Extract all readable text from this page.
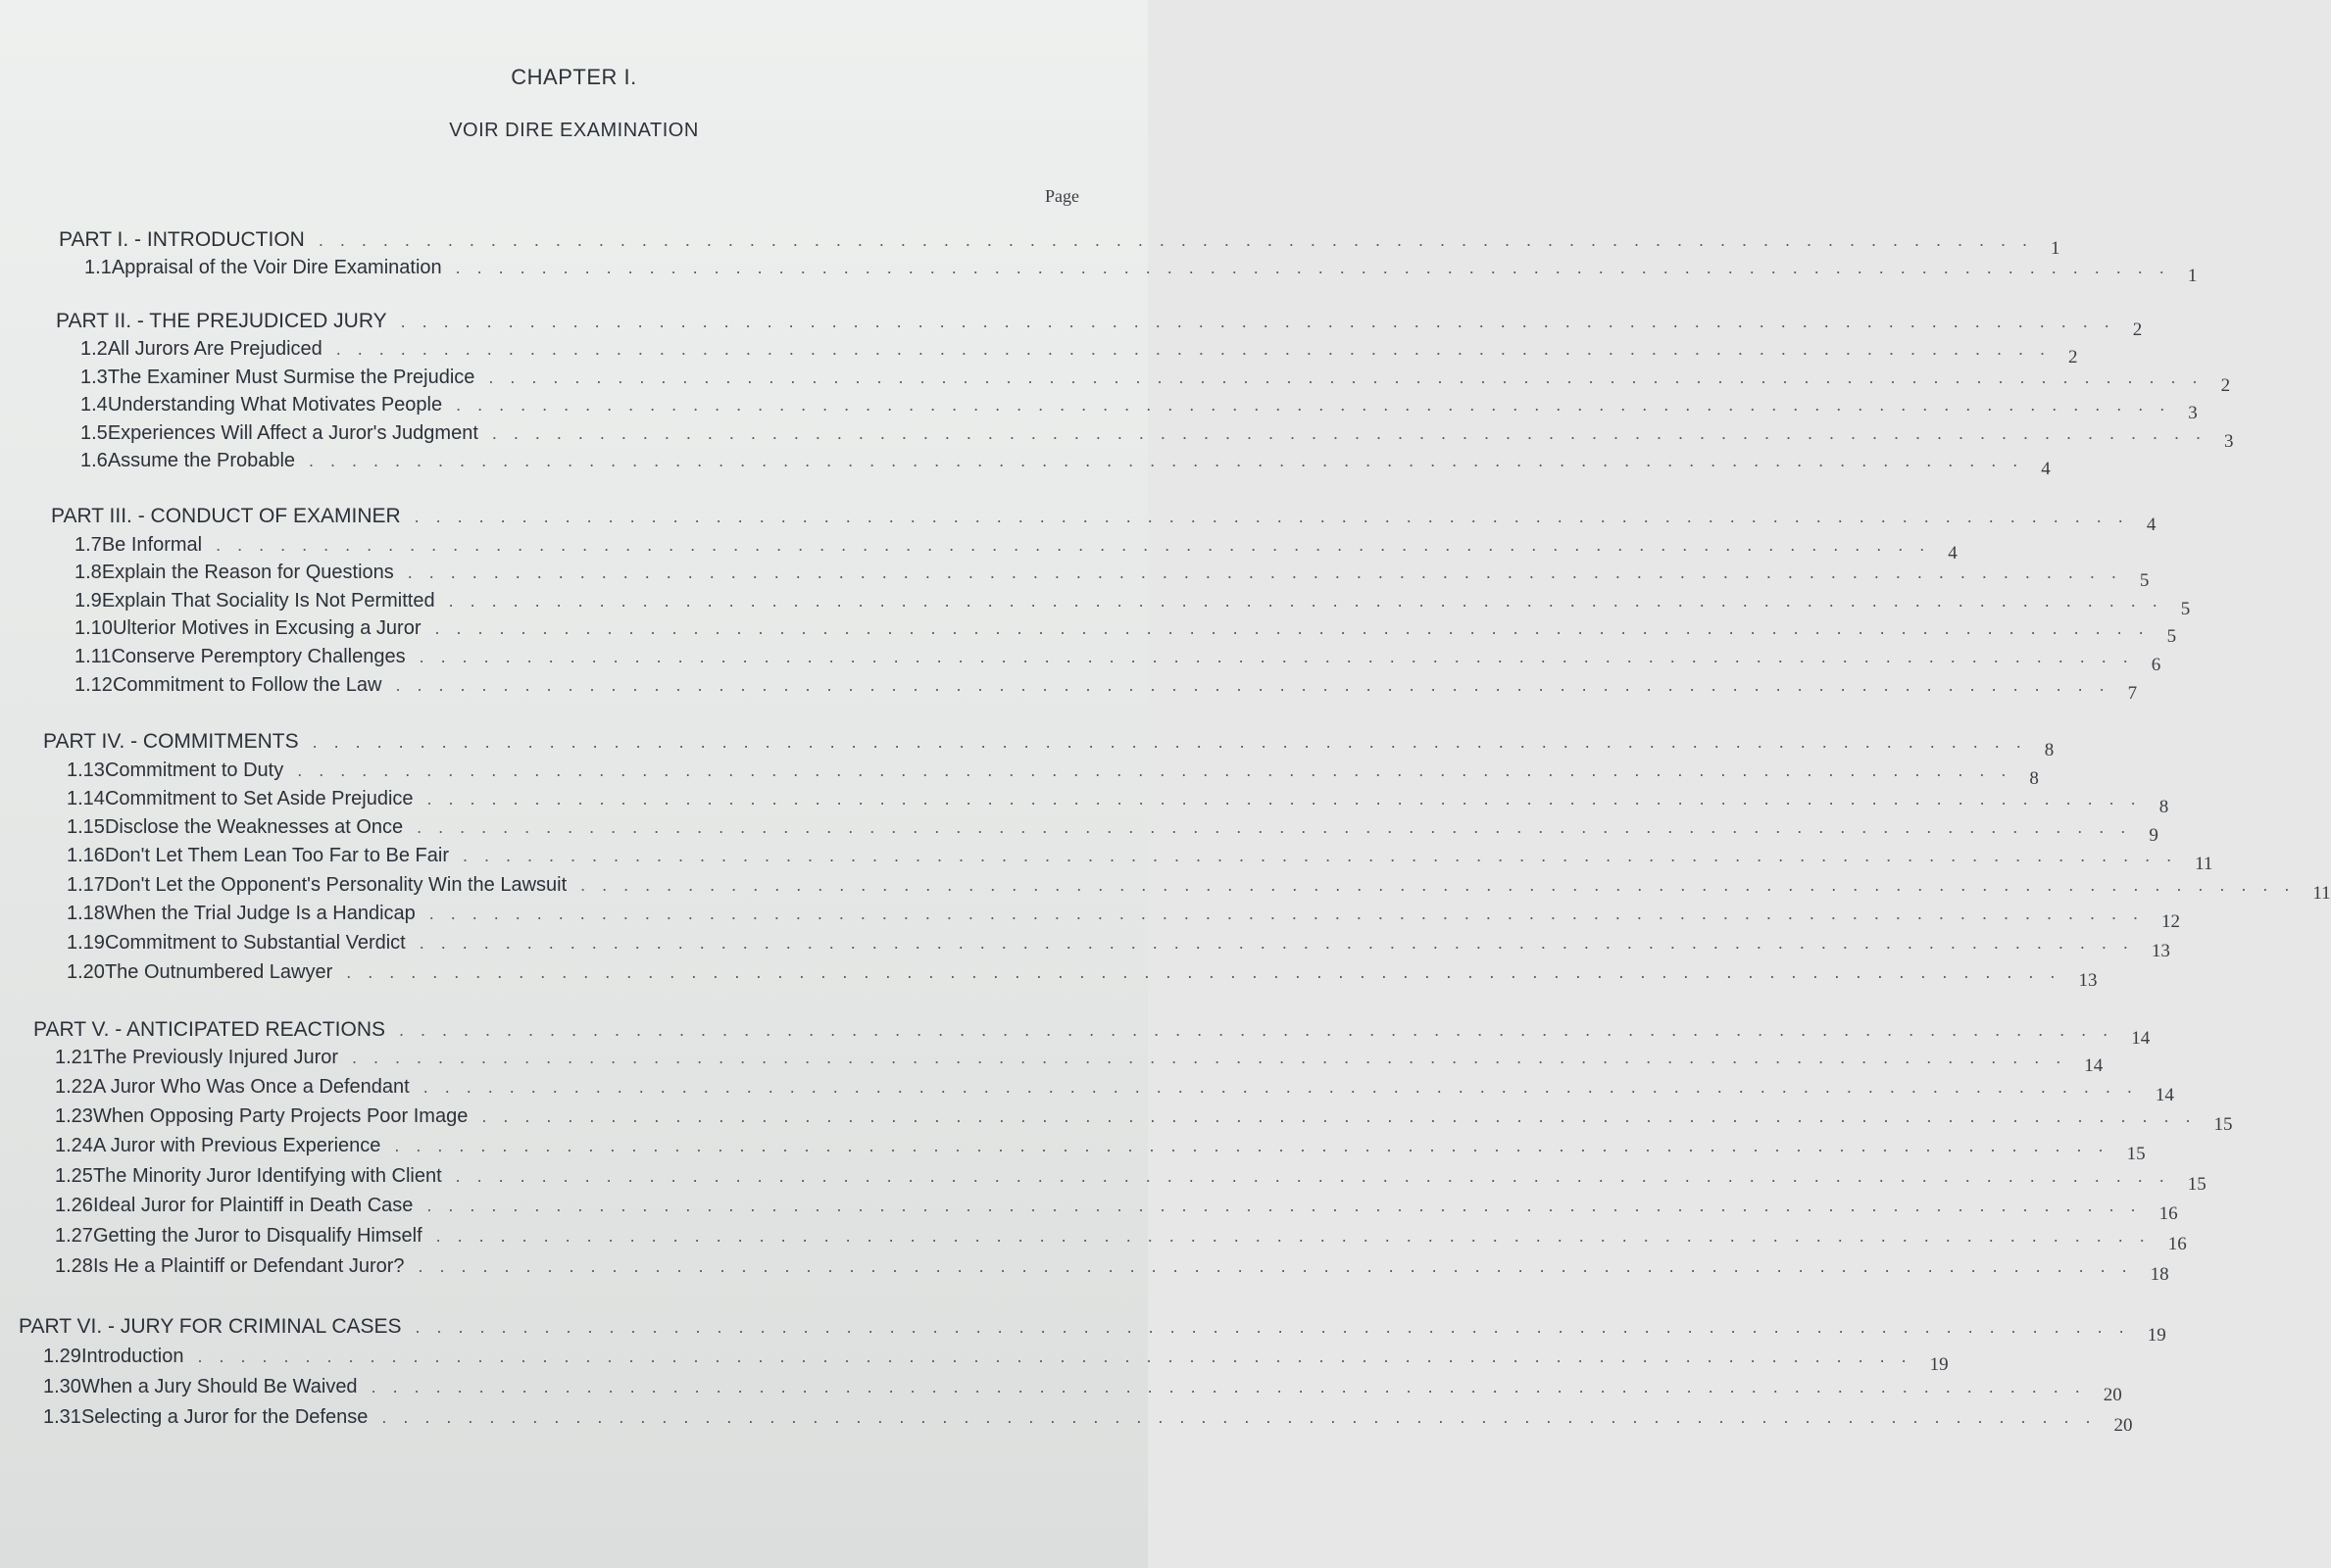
CHAPTER I.
VOIR DIRE EXAMINATION
Page
PART I. - INTRODUCTION . . . . . . . . . . . . . . . . . . . . . . . . . . . . . . . . . . . . . . . . . . . . . . . . . . . . . . . . . . . . . . . . . . . . . . . . . . . . . . . . 1
1.1 Appraisal of the Voir Dire Examination . . . . . . . . . . . . . . . . . . . . . . . . . . . . . . . . . . . . . . . . . . . . . . . . . . . . . . . . . . . . . . . . . . . . . . . . . . . . . . . . 1
PART II. - THE PREJUDICED JURY . . . . . . . . . . . . . . . . . . . . . . . . . . . . . . . . . . . . . . . . . . . . . . . . . . . . . . . . . . . . . . . . . . . . . . . . . . . . . . . . 2
1.2 All Jurors Are Prejudiced . . . . . . . . . . . . . . . . . . . . . . . . . . . . . . . . . . . . . . . . . . . . . . . . . . . . . . . . . . . . . . . . . . . . . . . . . . . . . . . . 2
1.3 The Examiner Must Surmise the Prejudice . . . . . . . . . . . . . . . . . . . . . . . . . . . . . . . . . . . . . . . . . . . . . . . . . . . . . . . . . . . . . . . . . . . . . . . . . . . . . . . . 2
1.4 Understanding What Motivates People . . . . . . . . . . . . . . . . . . . . . . . . . . . . . . . . . . . . . . . . . . . . . . . . . . . . . . . . . . . . . . . . . . . . . . . . . . . . . . . . 3
1.5 Experiences Will Affect a Juror's Judgment . . . . . . . . . . . . . . . . . . . . . . . . . . . . . . . . . . . . . . . . . . . . . . . . . . . . . . . . . . . . . . . . . . . . . . . . . . . . . . . . 3
1.6 Assume the Probable . . . . . . . . . . . . . . . . . . . . . . . . . . . . . . . . . . . . . . . . . . . . . . . . . . . . . . . . . . . . . . . . . . . . . . . . . . . . . . . . 4
PART III. - CONDUCT OF EXAMINER . . . . . . . . . . . . . . . . . . . . . . . . . . . . . . . . . . . . . . . . . . . . . . . . . . . . . . . . . . . . . . . . . . . . . . . . . . . . . . . . 4
1.7 Be Informal . . . . . . . . . . . . . . . . . . . . . . . . . . . . . . . . . . . . . . . . . . . . . . . . . . . . . . . . . . . . . . . . . . . . . . . . . . . . . . . . 4
1.8 Explain the Reason for Questions . . . . . . . . . . . . . . . . . . . . . . . . . . . . . . . . . . . . . . . . . . . . . . . . . . . . . . . . . . . . . . . . . . . . . . . . . . . . . . . . 5
1.9 Explain That Sociality Is Not Permitted . . . . . . . . . . . . . . . . . . . . . . . . . . . . . . . . . . . . . . . . . . . . . . . . . . . . . . . . . . . . . . . . . . . . . . . . . . . . . . . . 5
1.10 Ulterior Motives in Excusing a Juror . . . . . . . . . . . . . . . . . . . . . . . . . . . . . . . . . . . . . . . . . . . . . . . . . . . . . . . . . . . . . . . . . . . . . . . . . . . . . . . . 5
1.11 Conserve Peremptory Challenges . . . . . . . . . . . . . . . . . . . . . . . . . . . . . . . . . . . . . . . . . . . . . . . . . . . . . . . . . . . . . . . . . . . . . . . . . . . . . . . . 6
1.12 Commitment to Follow the Law . . . . . . . . . . . . . . . . . . . . . . . . . . . . . . . . . . . . . . . . . . . . . . . . . . . . . . . . . . . . . . . . . . . . . . . . . . . . . . . . 7
PART IV. - COMMITMENTS . . . . . . . . . . . . . . . . . . . . . . . . . . . . . . . . . . . . . . . . . . . . . . . . . . . . . . . . . . . . . . . . . . . . . . . . . . . . . . . . 8
1.13 Commitment to Duty . . . . . . . . . . . . . . . . . . . . . . . . . . . . . . . . . . . . . . . . . . . . . . . . . . . . . . . . . . . . . . . . . . . . . . . . . . . . . . . . 8
1.14 Commitment to Set Aside Prejudice . . . . . . . . . . . . . . . . . . . . . . . . . . . . . . . . . . . . . . . . . . . . . . . . . . . . . . . . . . . . . . . . . . . . . . . . . . . . . . . . 8
1.15 Disclose the Weaknesses at Once . . . . . . . . . . . . . . . . . . . . . . . . . . . . . . . . . . . . . . . . . . . . . . . . . . . . . . . . . . . . . . . . . . . . . . . . . . . . . . . . 9
1.16 Don't Let Them Lean Too Far to Be Fair . . . . . . . . . . . . . . . . . . . . . . . . . . . . . . . . . . . . . . . . . . . . . . . . . . . . . . . . . . . . . . . . . . . . . . . . . . . . . . . . 11
1.17 Don't Let the Opponent's Personality Win the Lawsuit . . . . . . . . . . . . . . . . . . . . . . . . . . . . . . . . . . . . . . . . . . . . . . . . . . . . . . . . . . . . . . . . . . . . . . . . . . . . . . . . 11
1.18 When the Trial Judge Is a Handicap . . . . . . . . . . . . . . . . . . . . . . . . . . . . . . . . . . . . . . . . . . . . . . . . . . . . . . . . . . . . . . . . . . . . . . . . . . . . . . . . 12
1.19 Commitment to Substantial Verdict . . . . . . . . . . . . . . . . . . . . . . . . . . . . . . . . . . . . . . . . . . . . . . . . . . . . . . . . . . . . . . . . . . . . . . . . . . . . . . . . 13
1.20 The Outnumbered Lawyer . . . . . . . . . . . . . . . . . . . . . . . . . . . . . . . . . . . . . . . . . . . . . . . . . . . . . . . . . . . . . . . . . . . . . . . . . . . . . . . . 13
PART V. - ANTICIPATED REACTIONS . . . . . . . . . . . . . . . . . . . . . . . . . . . . . . . . . . . . . . . . . . . . . . . . . . . . . . . . . . . . . . . . . . . . . . . . . . . . . . . . 14
1.21 The Previously Injured Juror . . . . . . . . . . . . . . . . . . . . . . . . . . . . . . . . . . . . . . . . . . . . . . . . . . . . . . . . . . . . . . . . . . . . . . . . . . . . . . . . 14
1.22 A Juror Who Was Once a Defendant . . . . . . . . . . . . . . . . . . . . . . . . . . . . . . . . . . . . . . . . . . . . . . . . . . . . . . . . . . . . . . . . . . . . . . . . . . . . . . . . 14
1.23 When Opposing Party Projects Poor Image . . . . . . . . . . . . . . . . . . . . . . . . . . . . . . . . . . . . . . . . . . . . . . . . . . . . . . . . . . . . . . . . . . . . . . . . . . . . . . . . 15
1.24 A Juror with Previous Experience . . . . . . . . . . . . . . . . . . . . . . . . . . . . . . . . . . . . . . . . . . . . . . . . . . . . . . . . . . . . . . . . . . . . . . . . . . . . . . . . 15
1.25 The Minority Juror Identifying with Client . . . . . . . . . . . . . . . . . . . . . . . . . . . . . . . . . . . . . . . . . . . . . . . . . . . . . . . . . . . . . . . . . . . . . . . . . . . . . . . . 15
1.26 Ideal Juror for Plaintiff in Death Case . . . . . . . . . . . . . . . . . . . . . . . . . . . . . . . . . . . . . . . . . . . . . . . . . . . . . . . . . . . . . . . . . . . . . . . . . . . . . . . . 16
1.27 Getting the Juror to Disqualify Himself . . . . . . . . . . . . . . . . . . . . . . . . . . . . . . . . . . . . . . . . . . . . . . . . . . . . . . . . . . . . . . . . . . . . . . . . . . . . . . . . 16
1.28 Is He a Plaintiff or Defendant Juror? . . . . . . . . . . . . . . . . . . . . . . . . . . . . . . . . . . . . . . . . . . . . . . . . . . . . . . . . . . . . . . . . . . . . . . . . . . . . . . . . 18
PART VI. - JURY FOR CRIMINAL CASES . . . . . . . . . . . . . . . . . . . . . . . . . . . . . . . . . . . . . . . . . . . . . . . . . . . . . . . . . . . . . . . . . . . . . . . . . . . . . . . . 19
1.29 Introduction . . . . . . . . . . . . . . . . . . . . . . . . . . . . . . . . . . . . . . . . . . . . . . . . . . . . . . . . . . . . . . . . . . . . . . . . . . . . . . . . 19
1.30 When a Jury Should Be Waived . . . . . . . . . . . . . . . . . . . . . . . . . . . . . . . . . . . . . . . . . . . . . . . . . . . . . . . . . . . . . . . . . . . . . . . . . . . . . . . . 20
1.31 Selecting a Juror for the Defense . . . . . . . . . . . . . . . . . . . . . . . . . . . . . . . . . . . . . . . . . . . . . . . . . . . . . . . . . . . . . . . . . . . . . . . . . . . . . . . . 20
